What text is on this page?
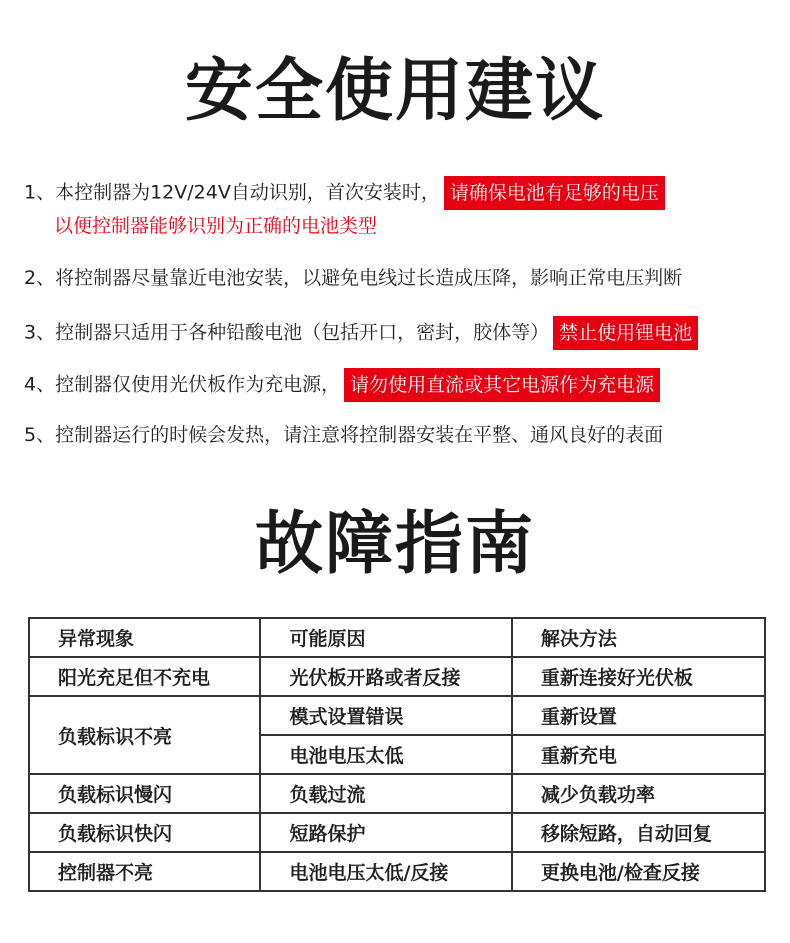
安全使用建议
1、本控制器为12V/24V自动识别，首次安装时， 请确保电池有足够的电压
以便控制器能够识别为正确的电池类型
2、将控制器尽量靠近电池安装，以避免电线过长造成压降，影响正常电压判断
3、控制器只适用于各种铅酸电池（包括开口，密封，胶体等） 禁止使用锂电池
4、控制器仅使用光伏板作为充电源， 请勿使用直流或其它电源作为充电源
5、控制器运行的时候会发热，请注意将控制器安装在平整、通风良好的表面
故障指南
异常现象	可能原因	解决方法
阳光充足但不充电	光伏板开路或者反接	重新连接好光伏板
负载标识不亮	模式设置错误	重新设置
	电池电压太低	重新充电
负载标识慢闪	负载过流	减少负载功率
负载标识快闪	短路保护	移除短路，自动回复
控制器不亮	电池电压太低/反接	更换电池/检查反接
